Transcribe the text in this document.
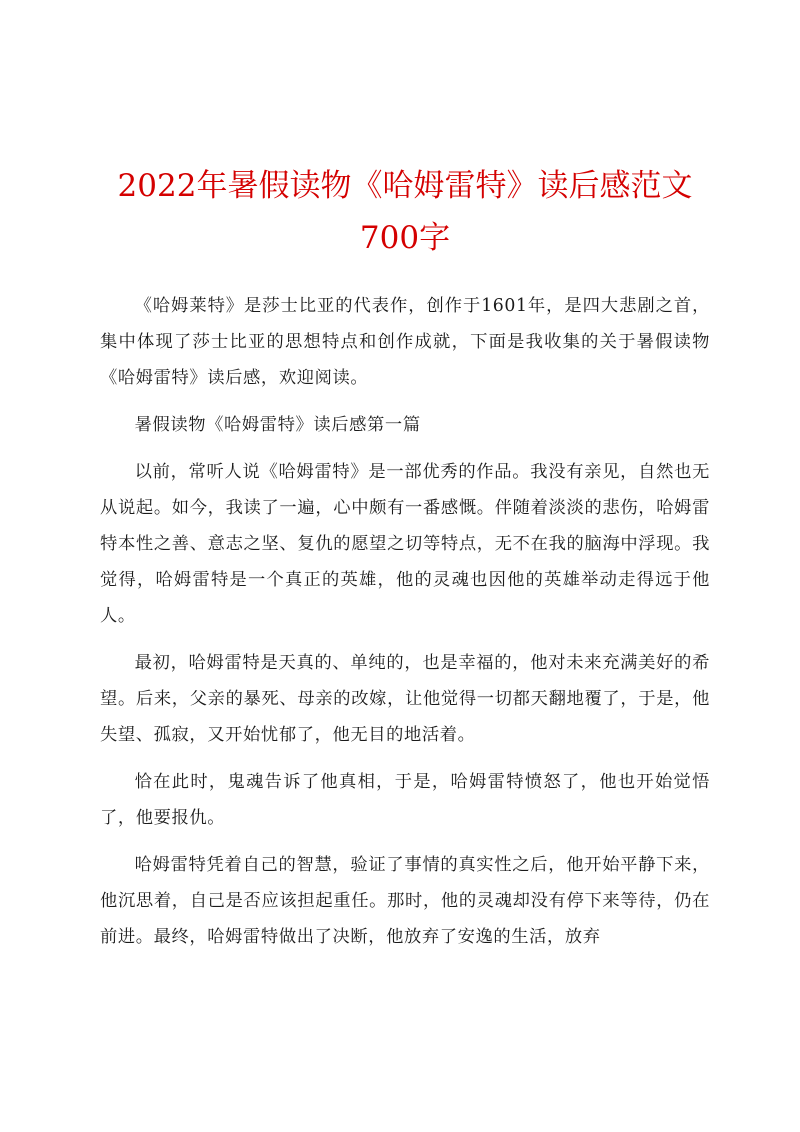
2022年暑假读物《哈姆雷特》读后感范文700字

《哈姆莱特》是莎士比亚的代表作，创作于1601年，是四大悲剧之首，集中体现了莎士比亚的思想特点和创作成就，下面是我收集的关于暑假读物《哈姆雷特》读后感，欢迎阅读。

暑假读物《哈姆雷特》读后感第一篇

以前，常听人说《哈姆雷特》是一部优秀的作品。我没有亲见，自然也无从说起。如今，我读了一遍，心中颇有一番感慨。伴随着淡淡的悲伤，哈姆雷特本性之善、意志之坚、复仇的愿望之切等特点，无不在我的脑海中浮现。我觉得，哈姆雷特是一个真正的英雄，他的灵魂也因他的英雄举动走得远于他人。

最初，哈姆雷特是天真的、单纯的，也是幸福的，他对未来充满美好的希望。后来，父亲的暴死、母亲的改嫁，让他觉得一切都天翻地覆了，于是，他失望、孤寂，又开始忧郁了，他无目的地活着。

恰在此时，鬼魂告诉了他真相，于是，哈姆雷特愤怒了，他也开始觉悟了，他要报仇。

哈姆雷特凭着自己的智慧，验证了事情的真实性之后，他开始平静下来，他沉思着，自己是否应该担起重任。那时，他的灵魂却没有停下来等待，仍在前进。最终，哈姆雷特做出了决断，他放弃了安逸的生活，放弃
